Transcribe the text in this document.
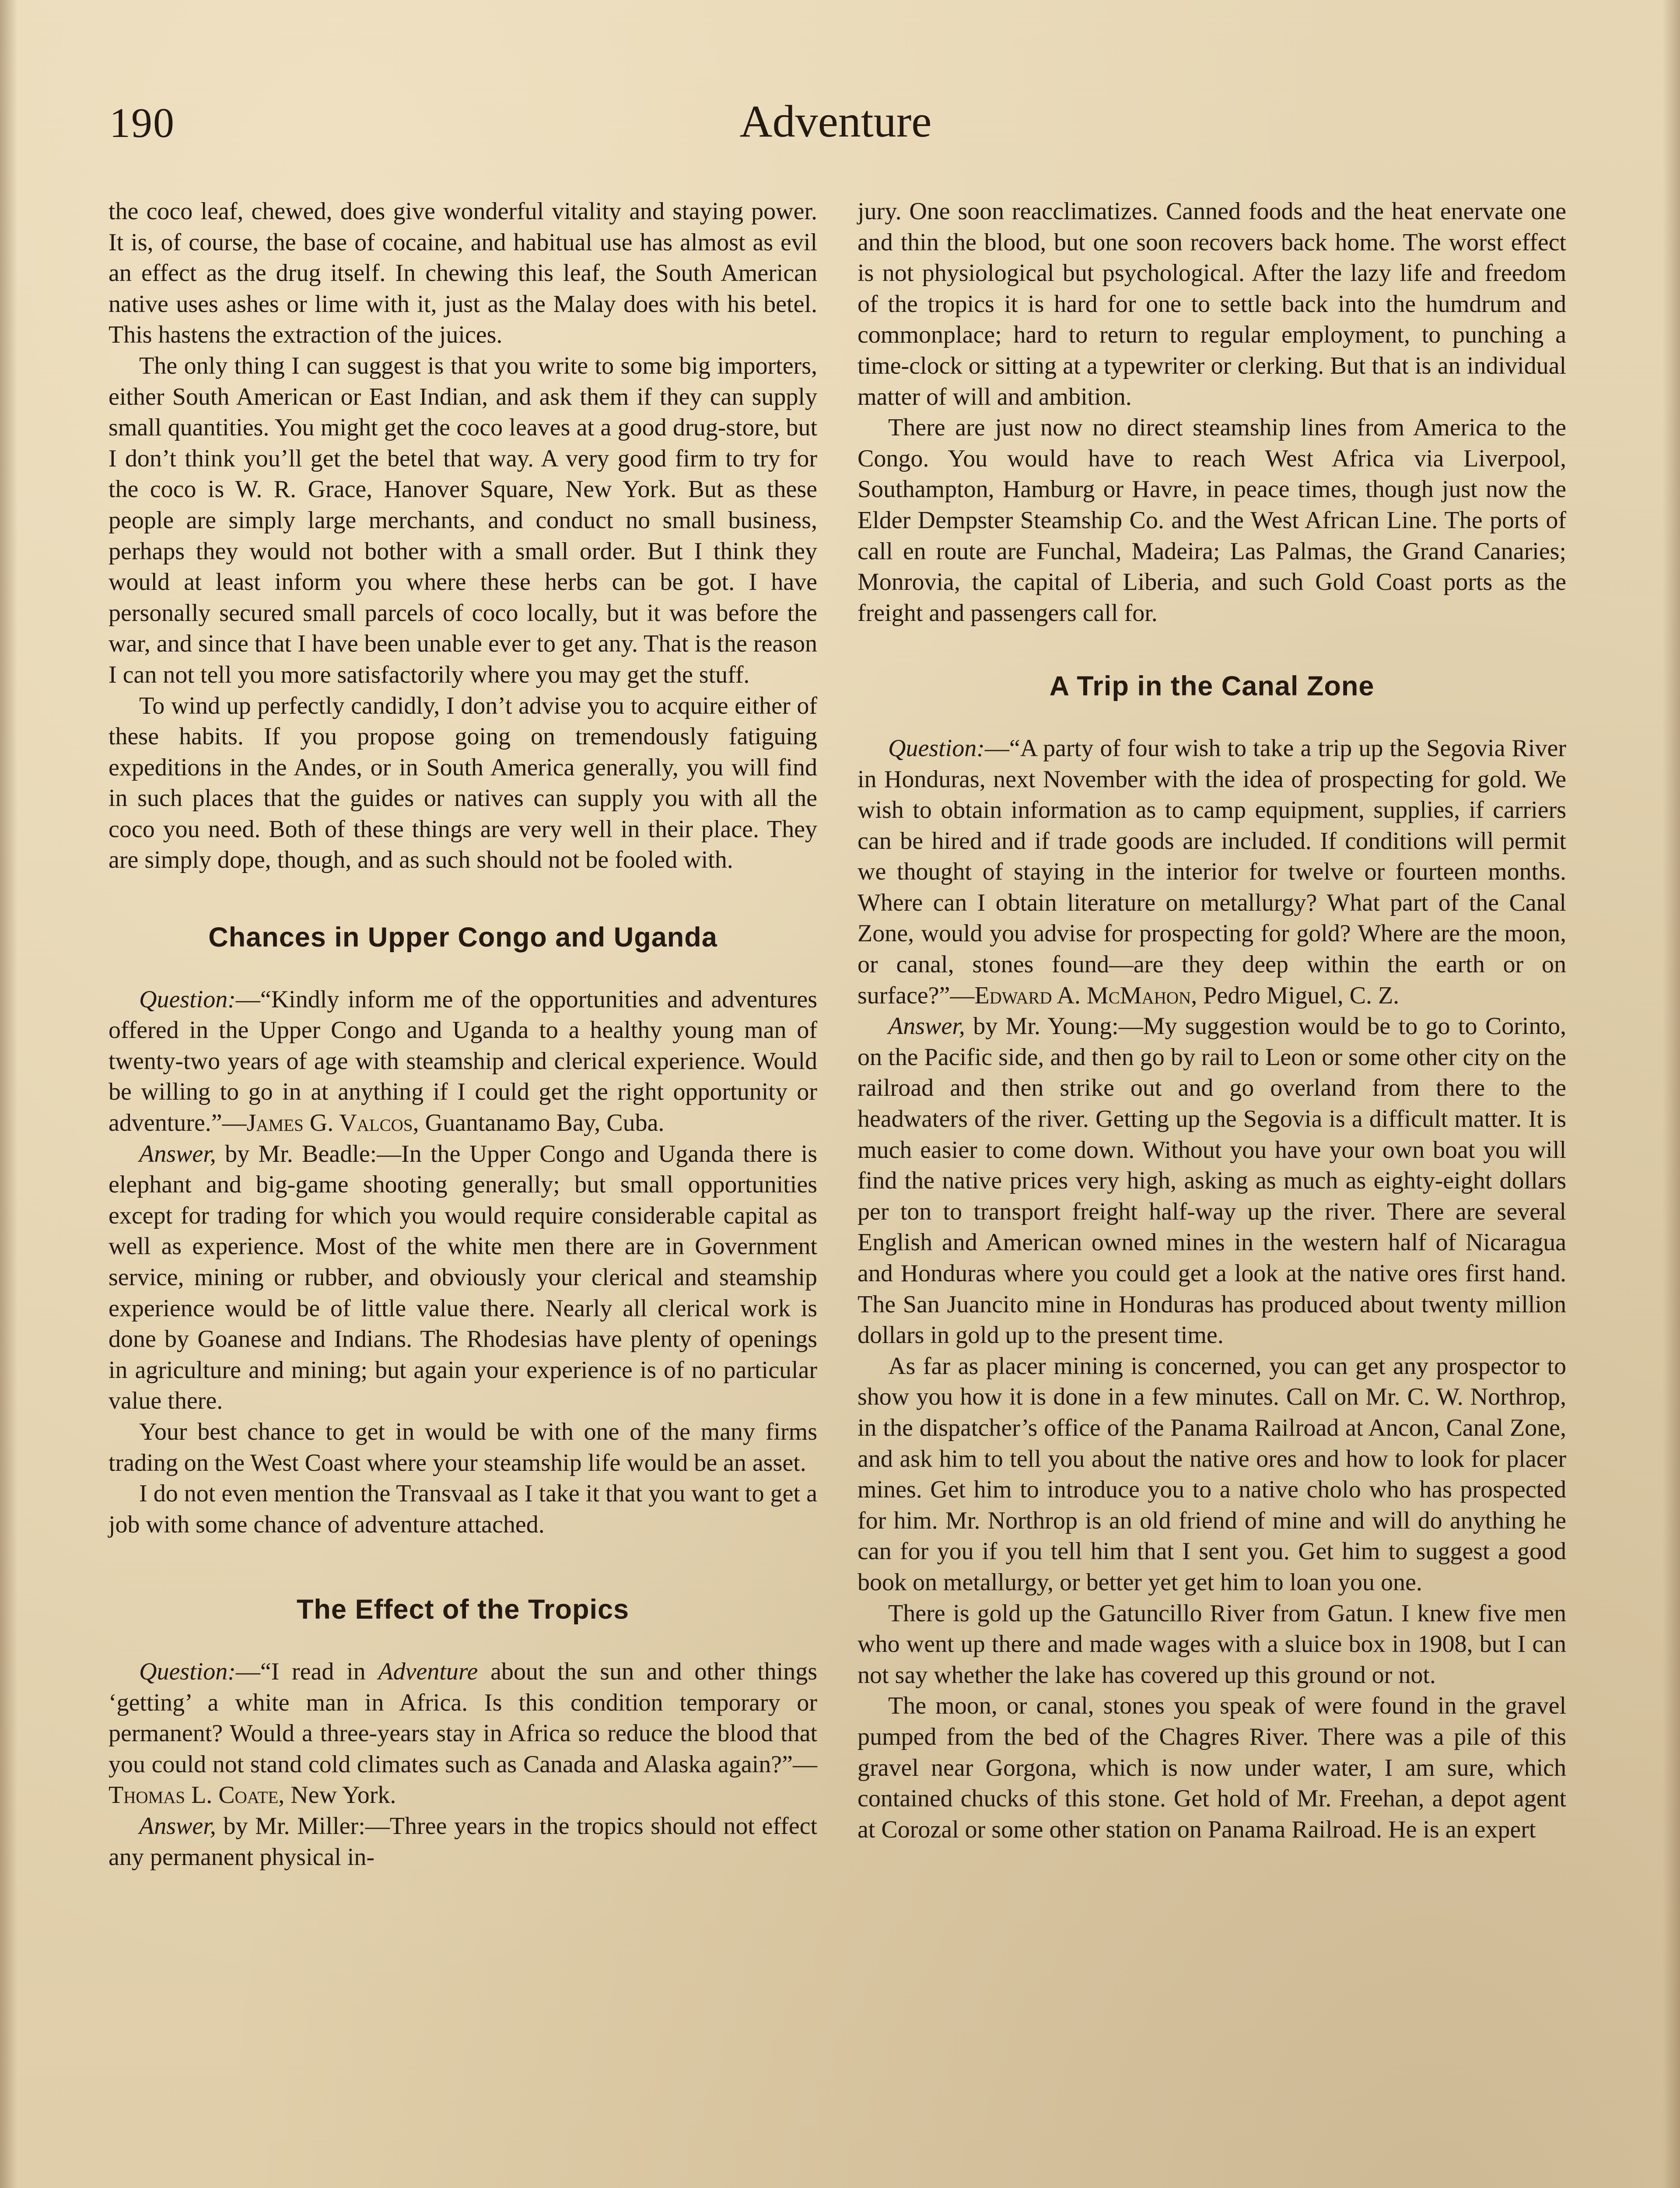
190	Adventure

the coco leaf, chewed, does give wonderful vitality and staying power. It is, of course, the base of cocaine, and habitual use has almost as evil an effect as the drug itself. In chewing this leaf, the South American native uses ashes or lime with it, just as the Malay does with his betel. This hastens the extraction of the juices.

The only thing I can suggest is that you write to some big importers, either South American or East Indian, and ask them if they can supply small quantities. You might get the coco leaves at a good drug-store, but I don’t think you’ll get the betel that way. A very good firm to try for the coco is W. R. Grace, Hanover Square, New York. But as these people are simply large merchants, and conduct no small business, perhaps they would not bother with a small order. But I think they would at least inform you where these herbs can be got. I have personally secured small parcels of coco locally, but it was before the war, and since that I have been unable ever to get any. That is the reason I can not tell you more satisfactorily where you may get the stuff.

To wind up perfectly candidly, I don’t advise you to acquire either of these habits. If you propose going on tremendously fatiguing expeditions in the Andes, or in South America generally, you will find in such places that the guides or natives can supply you with all the coco you need. Both of these things are very well in their place. They are simply dope, though, and as such should not be fooled with.

Chances in Upper Congo and Uganda

Question:—“Kindly inform me of the opportunities and adventures offered in the Upper Congo and Uganda to a healthy young man of twenty-two years of age with steamship and clerical experience. Would be willing to go in at anything if I could get the right opportunity or adventure.”—James G. Valcos, Guantanamo Bay, Cuba.

Answer, by Mr. Beadle:—In the Upper Congo and Uganda there is elephant and big-game shooting generally; but small opportunities except for trading for which you would require considerable capital as well as experience. Most of the white men there are in Government service, mining or rubber, and obviously your clerical and steamship experience would be of little value there. Nearly all clerical work is done by Goanese and Indians. The Rhodesias have plenty of openings in agriculture and mining; but again your experience is of no particular value there.

Your best chance to get in would be with one of the many firms trading on the West Coast where your steamship life would be an asset.

I do not even mention the Transvaal as I take it that you want to get a job with some chance of adventure attached.

The Effect of the Tropics

Question:—“I read in Adventure about the sun and other things ‘getting’ a white man in Africa. Is this condition temporary or permanent? Would a three-years stay in Africa so reduce the blood that you could not stand cold climates such as Canada and Alaska again?”—Thomas L. Coate, New York.

Answer, by Mr. Miller:—Three years in the tropics should not effect any permanent physical in-

jury. One soon reacclimatizes. Canned foods and the heat enervate one and thin the blood, but one soon recovers back home. The worst effect is not physiological but psychological. After the lazy life and freedom of the tropics it is hard for one to settle back into the humdrum and commonplace; hard to return to regular employment, to punching a time-clock or sitting at a typewriter or clerking. But that is an individual matter of will and ambition.

There are just now no direct steamship lines from America to the Congo. You would have to reach West Africa via Liverpool, Southampton, Hamburg or Havre, in peace times, though just now the Elder Dempster Steamship Co. and the West African Line. The ports of call en route are Funchal, Madeira; Las Palmas, the Grand Canaries; Monrovia, the capital of Liberia, and such Gold Coast ports as the freight and passengers call for.

A Trip in the Canal Zone

Question:—“A party of four wish to take a trip up the Segovia River in Honduras, next November with the idea of prospecting for gold. We wish to obtain information as to camp equipment, supplies, if carriers can be hired and if trade goods are included. If conditions will permit we thought of staying in the interior for twelve or fourteen months. Where can I obtain literature on metallurgy? What part of the Canal Zone, would you advise for prospecting for gold? Where are the moon, or canal, stones found—are they deep within the earth or on surface?”—Edward A. McMahon, Pedro Miguel, C. Z.

Answer, by Mr. Young:—My suggestion would be to go to Corinto, on the Pacific side, and then go by rail to Leon or some other city on the railroad and then strike out and go overland from there to the headwaters of the river. Getting up the Segovia is a difficult matter. It is much easier to come down. Without you have your own boat you will find the native prices very high, asking as much as eighty-eight dollars per ton to transport freight half-way up the river. There are several English and American owned mines in the western half of Nicaragua and Honduras where you could get a look at the native ores first hand. The San Juancito mine in Honduras has produced about twenty million dollars in gold up to the present time.

As far as placer mining is concerned, you can get any prospector to show you how it is done in a few minutes. Call on Mr. C. W. Northrop, in the dispatcher’s office of the Panama Railroad at Ancon, Canal Zone, and ask him to tell you about the native ores and how to look for placer mines. Get him to introduce you to a native cholo who has prospected for him. Mr. Northrop is an old friend of mine and will do anything he can for you if you tell him that I sent you. Get him to suggest a good book on metallurgy, or better yet get him to loan you one.

There is gold up the Gatuncillo River from Gatun. I knew five men who went up there and made wages with a sluice box in 1908, but I can not say whether the lake has covered up this ground or not.

The moon, or canal, stones you speak of were found in the gravel pumped from the bed of the Chagres River. There was a pile of this gravel near Gorgona, which is now under water, I am sure, which contained chucks of this stone. Get hold of Mr. Freehan, a depot agent at Corozal or some other station on Panama Railroad. He is an expert
